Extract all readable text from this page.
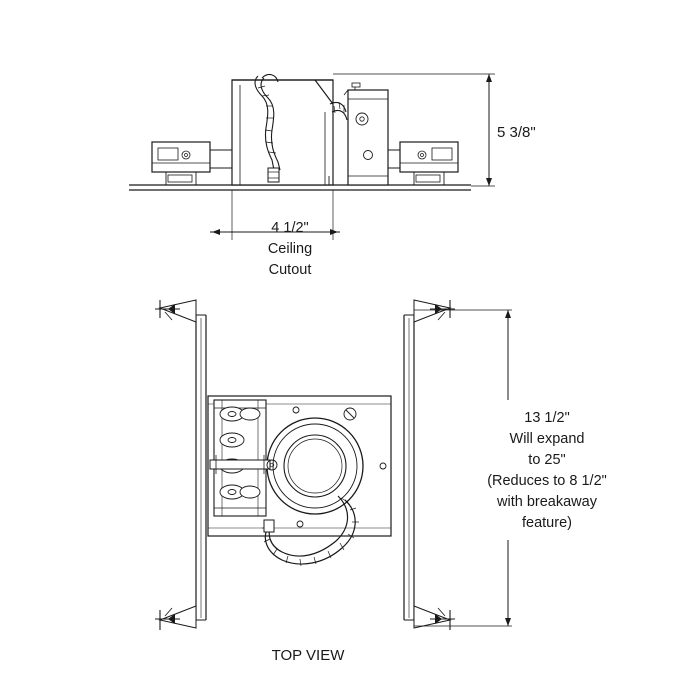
5 3/8"
4 1/2"
Ceiling
Cutout
13 1/2"
Will expand
to 25"
(Reduces to 8 1/2"
with breakaway
feature)
TOP VIEW
